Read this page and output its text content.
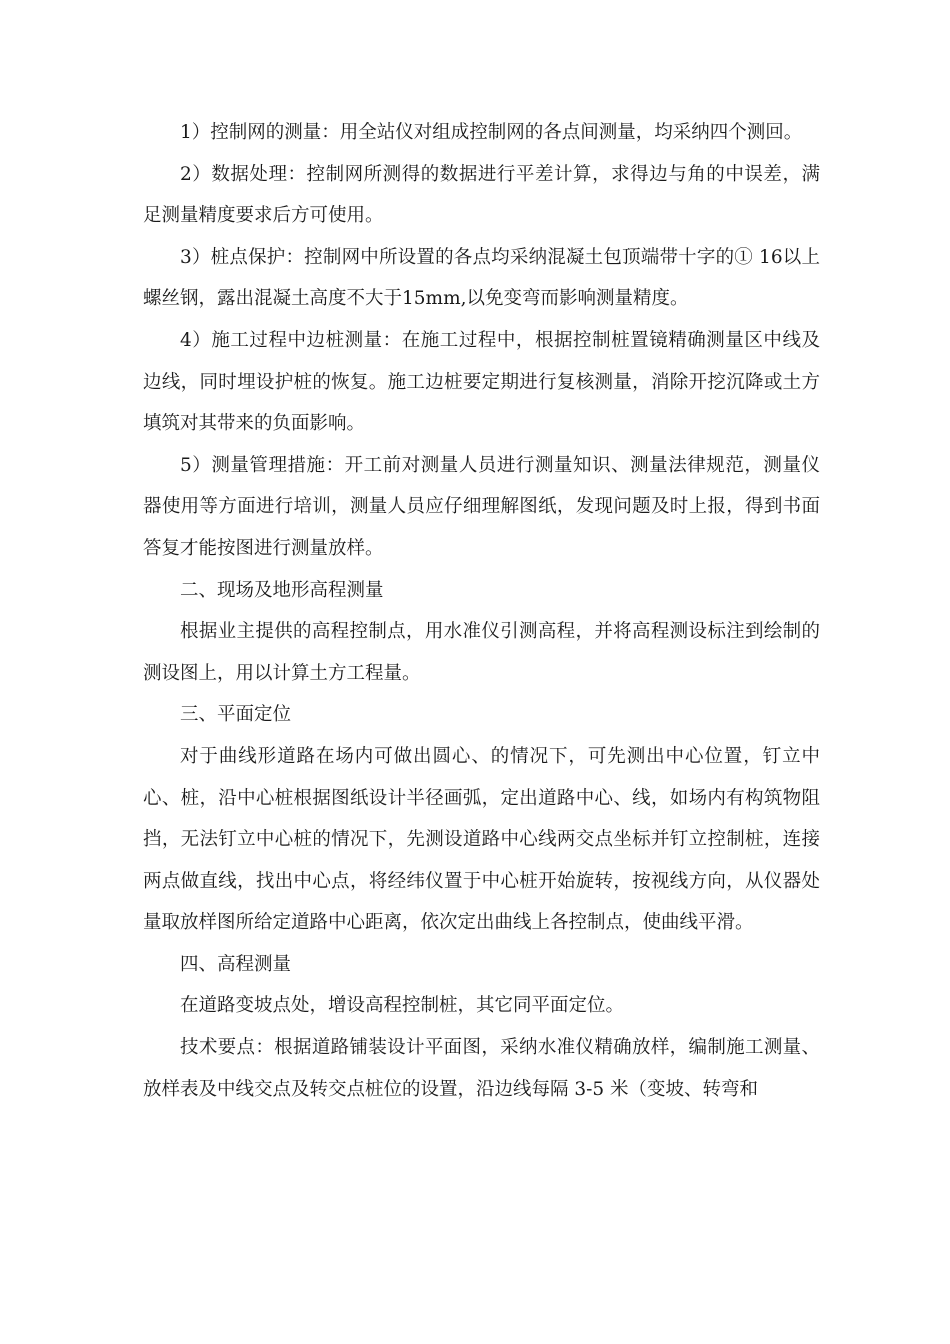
1）控制网的测量：用全站仪对组成控制网的各点间测量，均采纳四个测回。

2）数据处理：控制网所测得的数据进行平差计算，求得边与角的中误差，满足测量精度要求后方可使用。

3）桩点保护：控制网中所设置的各点均采纳混凝土包顶端带十字的① 16以上螺丝钢，露出混凝土高度不大于15mm,以免变弯而影响测量精度。

4）施工过程中边桩测量：在施工过程中，根据控制桩置镜精确测量区中线及边线，同时埋设护桩的恢复。施工边桩要定期进行复核测量，消除开挖沉降或土方填筑对其带来的负面影响。

5）测量管理措施：开工前对测量人员进行测量知识、测量法律规范，测量仪器使用等方面进行培训，测量人员应仔细理解图纸，发现问题及时上报，得到书面答复才能按图进行测量放样。

二、现场及地形高程测量

根据业主提供的高程控制点，用水准仪引测高程，并将高程测设标注到绘制的测设图上，用以计算土方工程量。

三、平面定位

对于曲线形道路在场内可做出圆心、的情况下，可先测出中心位置，钉立中心、桩，沿中心桩根据图纸设计半径画弧，定出道路中心、线，如场内有构筑物阻挡，无法钉立中心桩的情况下，先测设道路中心线两交点坐标并钉立控制桩，连接两点做直线，找出中心点，将经纬仪置于中心桩开始旋转，按视线方向，从仪器处量取放样图所给定道路中心距离，依次定出曲线上各控制点，使曲线平滑。

四、高程测量

在道路变坡点处，增设高程控制桩，其它同平面定位。

技术要点：根据道路铺装设计平面图，采纳水准仪精确放样，编制施工测量、放样表及中线交点及转交点桩位的设置，沿边线每隔 3-5 米（变坡、转弯和
